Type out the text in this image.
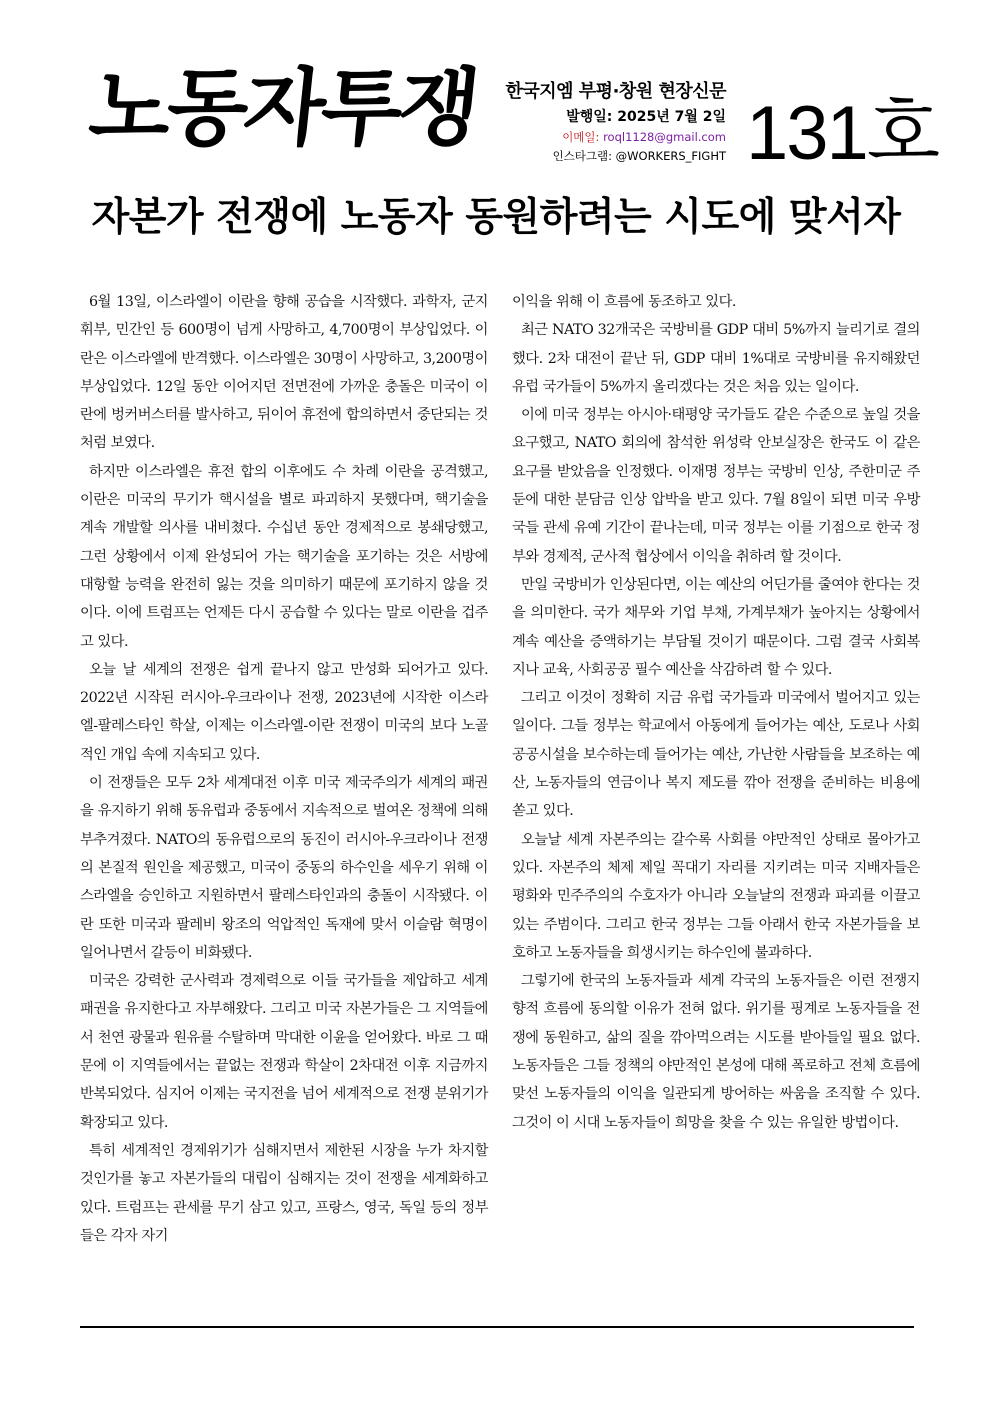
노동자투쟁	한국지엠 부평·창원 현장신문
발행일: 2025년 7월 2일
이메일: roql1128@gmail.com
인스타그램: @WORKERS_FIGHT 131호
자본가 전쟁에 노동자 동원하려는 시도에 맞서자

6월 13일, 이스라엘이 이란을 향해 공습을 시작했다. 과학자, 군지휘부, 민간인 등 600명이 넘게 사망하고, 4,700명이 부상입었다. 이란은 이스라엘에 반격했다. 이스라엘은 30명이 사망하고, 3,200명이 부상입었다. 12일 동안 이어지던 전면전에 가까운 충돌은 미국이 이란에 벙커버스터를 발사하고, 뒤이어 휴전에 합의하면서 중단되는 것처럼 보였다.

하지만 이스라엘은 휴전 합의 이후에도 수 차례 이란을 공격했고, 이란은 미국의 무기가 핵시설을 별로 파괴하지 못했다며, 핵기술을 계속 개발할 의사를 내비쳤다. 수십년 동안 경제적으로 봉쇄당했고, 그런 상황에서 이제 완성되어 가는 핵기술을 포기하는 것은 서방에 대항할 능력을 완전히 잃는 것을 의미하기 때문에 포기하지 않을 것이다. 이에 트럼프는 언제든 다시 공습할 수 있다는 말로 이란을 겁주고 있다.

오늘 날 세계의 전쟁은 쉽게 끝나지 않고 만성화 되어가고 있다. 2022년 시작된 러시아-우크라이나 전쟁, 2023년에 시작한 이스라엘-팔레스타인 학살, 이제는 이스라엘-이란 전쟁이 미국의 보다 노골적인 개입 속에 지속되고 있다.

이 전쟁들은 모두 2차 세계대전 이후 미국 제국주의가 세계의 패권을 유지하기 위해 동유럽과 중동에서 지속적으로 벌여온 정책에 의해 부추겨졌다. NATO의 동유럽으로의 동진이 러시아-우크라이나 전쟁의 본질적 원인을 제공했고, 미국이 중동의 하수인을 세우기 위해 이스라엘을 승인하고 지원하면서 팔레스타인과의 충돌이 시작됐다. 이란 또한 미국과 팔레비 왕조의 억압적인 독재에 맞서 이슬람 혁명이 일어나면서 갈등이 비화됐다.

미국은 강력한 군사력과 경제력으로 이들 국가들을 제압하고 세계 패권을 유지한다고 자부해왔다. 그리고 미국 자본가들은 그 지역들에서 천연 광물과 원유를 수탈하며 막대한 이윤을 얻어왔다. 바로 그 때문에 이 지역들에서는 끝없는 전쟁과 학살이 2차대전 이후 지금까지 반복되었다. 심지어 이제는 국지전을 넘어 세계적으로 전쟁 분위기가 확장되고 있다.

특히 세계적인 경제위기가 심해지면서 제한된 시장을 누가 차지할 것인가를 놓고 자본가들의 대립이 심해지는 것이 전쟁을 세계화하고 있다. 트럼프는 관세를 무기 삼고 있고, 프랑스, 영국, 독일 등의 정부들은 각자 자기

이익을 위해 이 흐름에 동조하고 있다.

최근 NATO 32개국은 국방비를 GDP 대비 5%까지 늘리기로 결의했다. 2차 대전이 끝난 뒤, GDP 대비 1%대로 국방비를 유지해왔던 유럽 국가들이 5%까지 올리겠다는 것은 처음 있는 일이다.

이에 미국 정부는 아시아·태평양 국가들도 같은 수준으로 높일 것을 요구했고, NATO 회의에 참석한 위성락 안보실장은 한국도 이 같은 요구를 받았음을 인정했다. 이재명 정부는 국방비 인상, 주한미군 주둔에 대한 분담금 인상 압박을 받고 있다. 7월 8일이 되면 미국 우방국들 관세 유예 기간이 끝나는데, 미국 정부는 이를 기점으로 한국 정부와 경제적, 군사적 협상에서 이익을 취하려 할 것이다.

만일 국방비가 인상된다면, 이는 예산의 어딘가를 줄여야 한다는 것을 의미한다. 국가 채무와 기업 부채, 가계부채가 높아지는 상황에서 계속 예산을 증액하기는 부담될 것이기 때문이다. 그럼 결국 사회복지나 교육, 사회공공 필수 예산을 삭감하려 할 수 있다.

그리고 이것이 정확히 지금 유럽 국가들과 미국에서 벌어지고 있는 일이다. 그들 정부는 학교에서 아동에게 들어가는 예산, 도로나 사회 공공시설을 보수하는데 들어가는 예산, 가난한 사람들을 보조하는 예산, 노동자들의 연금이나 복지 제도를 깎아 전쟁을 준비하는 비용에 쏟고 있다.

오늘날 세계 자본주의는 갈수록 사회를 야만적인 상태로 몰아가고 있다. 자본주의 체제 제일 꼭대기 자리를 지키려는 미국 지배자들은 평화와 민주주의의 수호자가 아니라 오늘날의 전쟁과 파괴를 이끌고 있는 주범이다. 그리고 한국 정부는 그들 아래서 한국 자본가들을 보호하고 노동자들을 희생시키는 하수인에 불과하다.

그렇기에 한국의 노동자들과 세계 각국의 노동자들은 이런 전쟁지향적 흐름에 동의할 이유가 전혀 없다. 위기를 핑계로 노동자들을 전쟁에 동원하고, 삶의 질을 깎아먹으려는 시도를 받아들일 필요 없다. 노동자들은 그들 정책의 야만적인 본성에 대해 폭로하고 전체 흐름에 맞선 노동자들의 이익을 일관되게 방어하는 싸움을 조직할 수 있다. 그것이 이 시대 노동자들이 희망을 찾을 수 있는 유일한 방법이다.
